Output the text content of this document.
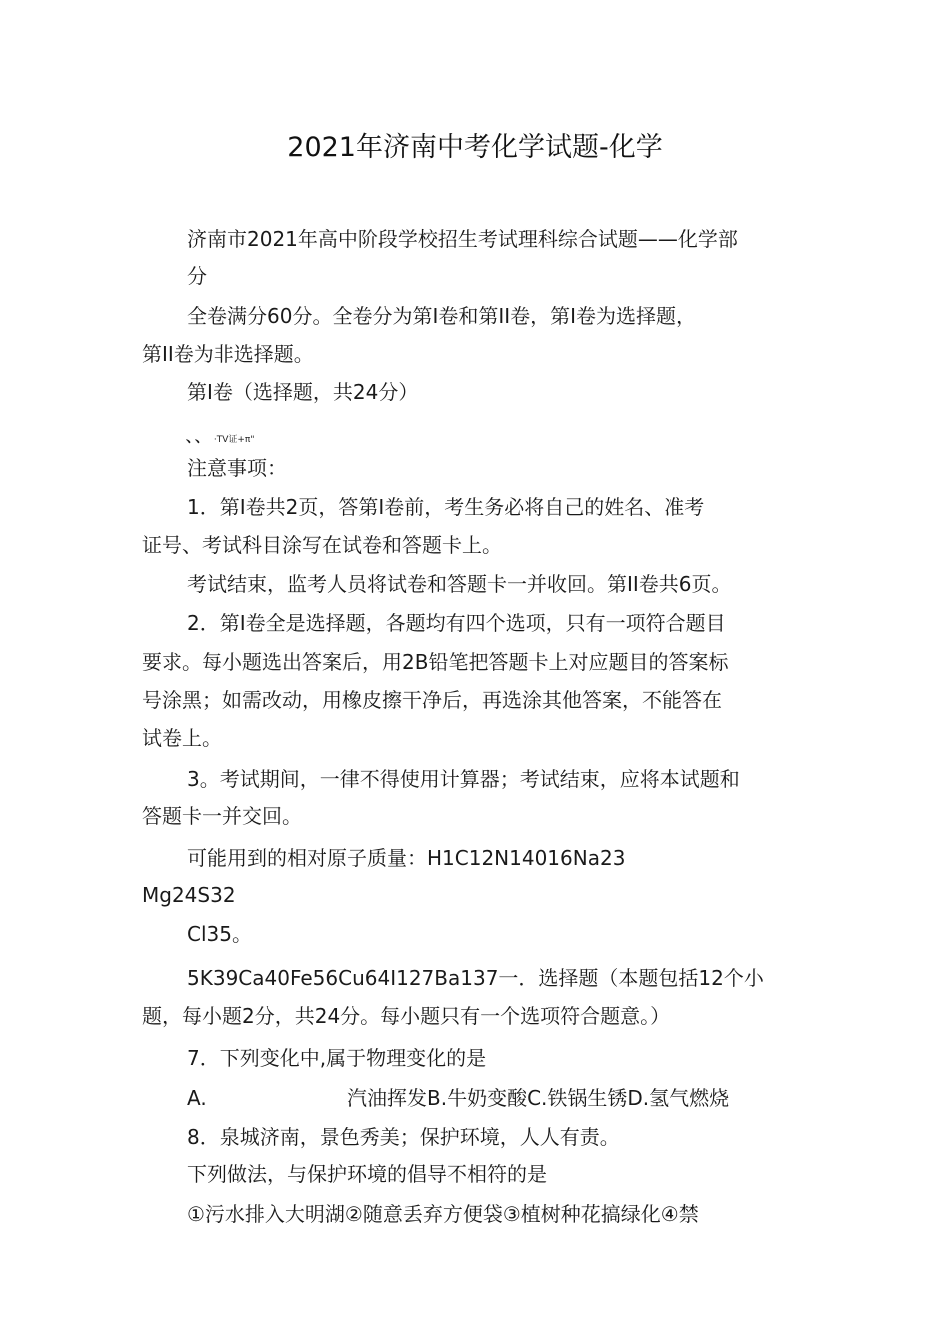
2021年济南中考化学试题-化学
济南市2021年高中阶段学校招生考试理科综合试题——化学部
分
全卷满分60分。全卷分为第I卷和第II卷，第I卷为选择题，
第II卷为非选择题。
第I卷（选择题，共24分）
、、 ·TV证+π"
注意事项：
1．第I卷共2页，答第I卷前，考生务必将自己的姓名、准考
证号、考试科目涂写在试卷和答题卡上。
考试结束，监考人员将试卷和答题卡一并收回。第II卷共6页。
2．第I卷全是选择题，各题均有四个选项，只有一项符合题目
要求。每小题选出答案后，用2B铅笔把答题卡上对应题目的答案标
号涂黑；如需改动，用橡皮擦干净后，再选涂其他答案，不能答在
试卷上。
3。考试期间，一律不得使用计算器；考试结束，应将本试题和
答题卡一并交回。
可能用到的相对原子质量：H1C12N14016Na23
Mg24S32
Cl35。
5K39Ca40Fe56Cu64I127Ba137一．选择题（本题包括12个小
题，每小题2分，共24分。每小题只有一个选项符合题意。）
7．下列变化中,属于物理变化的是
A.	汽油挥发B.牛奶变酸C.铁锅生锈D.氢气燃烧
8．泉城济南，景色秀美；保护环境，人人有责。
下列做法，与保护环境的倡导不相符的是
①污水排入大明湖②随意丢弃方便袋③植树种花搞绿化④禁
